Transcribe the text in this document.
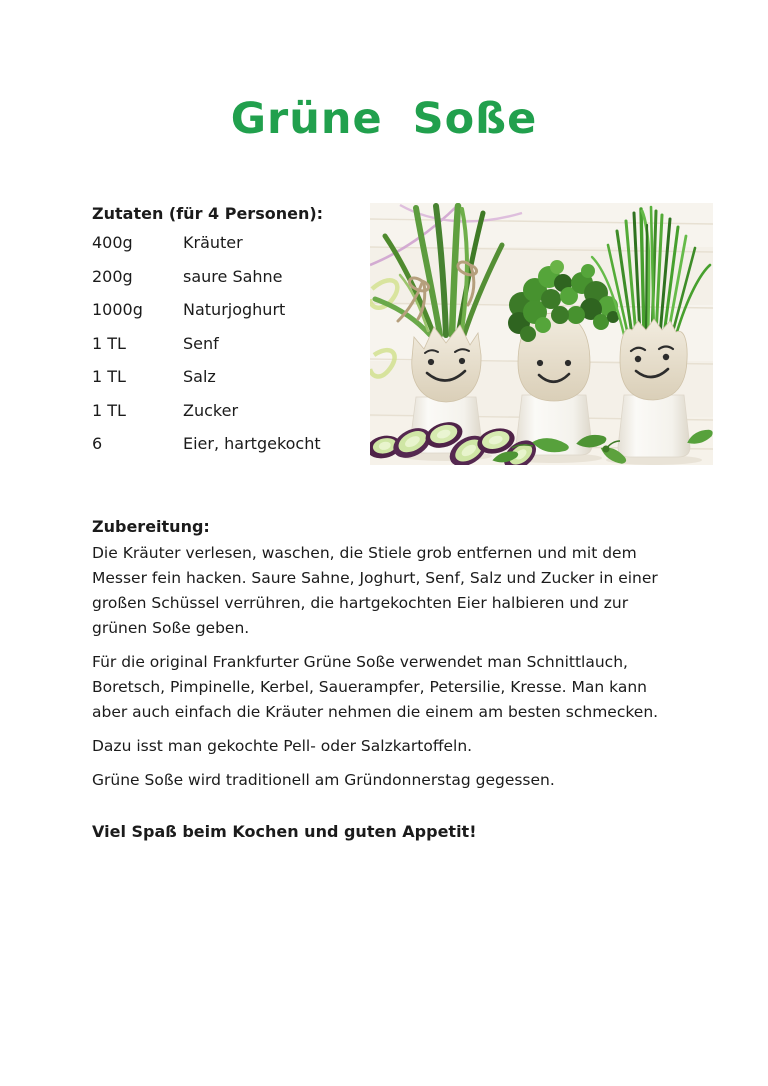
Grüne Soße
Zutaten (für 4 Personen):
400g	Kräuter
200g	saure Sahne
1000g	Naturjoghurt
1 TL	Senf
1 TL	Salz
1 TL	Zucker
6	Eier, hartgekocht
Zubereitung:

Die Kräuter verlesen, waschen, die Stiele grob entfernen und mit dem Messer fein hacken. Saure Sahne, Joghurt, Senf, Salz und Zucker in einer großen Schüssel verrühren, die hartgekochten Eier halbieren und zur grünen Soße geben.

Für die original Frankfurter Grüne Soße verwendet man Schnittlauch, Boretsch, Pimpinelle, Kerbel, Sauerampfer, Petersilie, Kresse. Man kann aber auch einfach die Kräuter nehmen die einem am besten schmecken.

Dazu isst man gekochte Pell- oder Salzkartoffeln.

Grüne Soße wird traditionell am Gründonnerstag gegessen.

Viel Spaß beim Kochen und guten Appetit!
